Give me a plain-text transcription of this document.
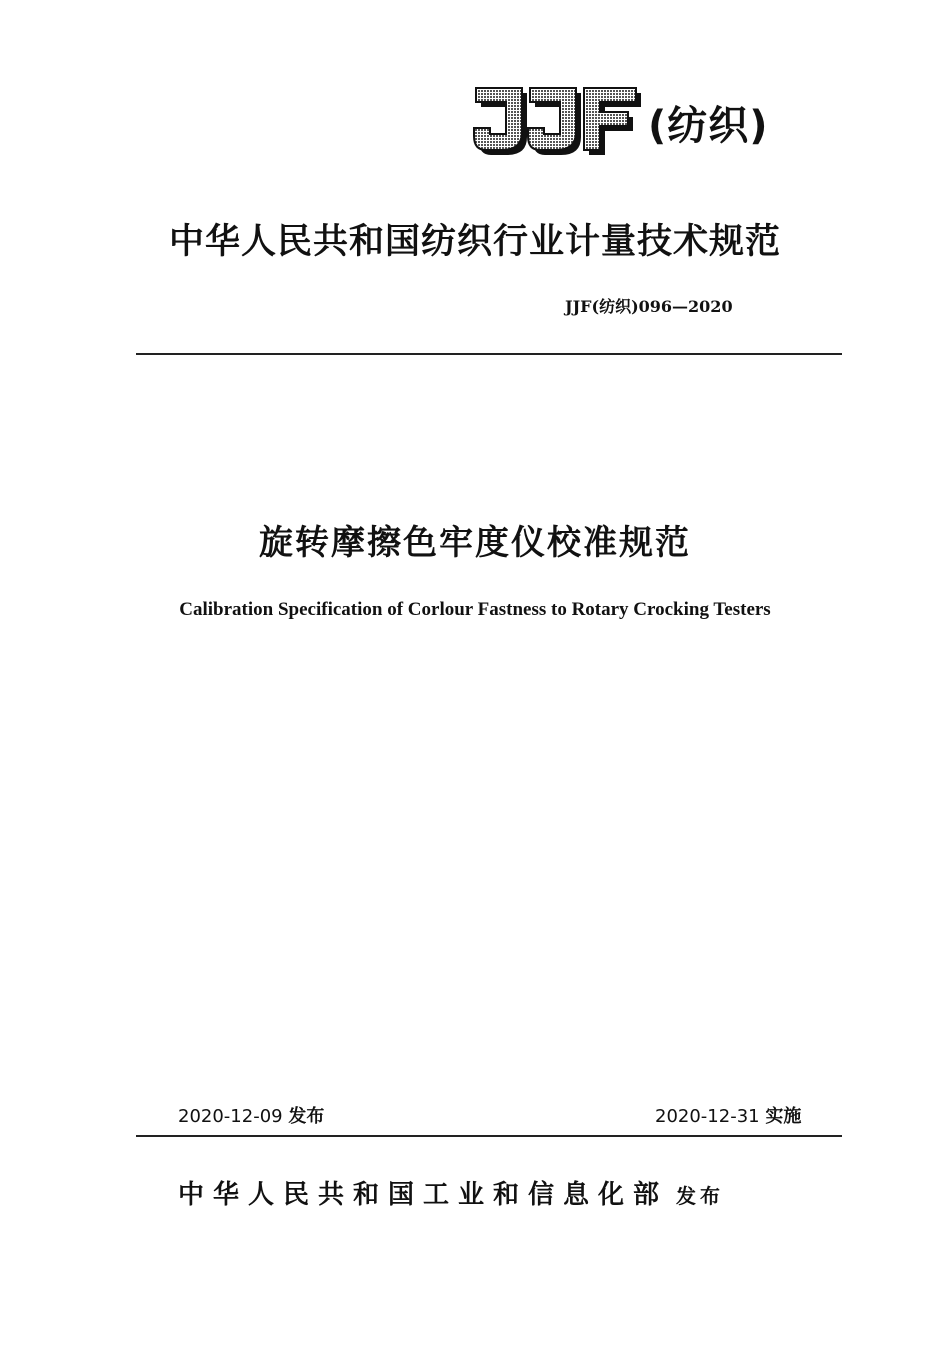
(纺织)
中华人民共和国纺织行业计量技术规范
JJF(纺织)096—2020
旋转摩擦色牢度仪校准规范
Calibration Specification of Corlour Fastness to Rotary Crocking Testers
2020-12-09 发布	2020-12-31 实施
中华人民共和国工业和信息化部 发布
